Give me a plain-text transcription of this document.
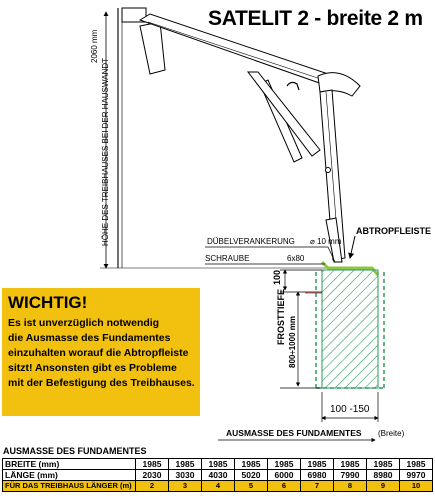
SATELIT 2 - breite 2 m
HÖHE DES TREIBHAUSES BEI DER HAUSWANDT
2060 mm
DÜBELVERANKERUNG ⌀ 10 mm
SCHRAUBE	6x80
ABTROPFLEISTE
100
FROSTTIEFE 800÷1000 mm
100 -150
AUSMASSE DES FUNDAMENTES (Breite)
WICHTIG!
Es ist unverzüglich notwendig
die Ausmasse des Fundamentes
einzuhalten worauf die Abtropfleiste
sitzt! Ansonsten gibt es Probleme
mit der Befestigung des Treibhauses.
AUSMASSE DES FUNDAMENTES
BREITE (mm)	1985	1985	1985	1985	1985	1985	1985	1985	1985
LÄNGE (mm)	2030	3030	4030	5020	6000	6980	7990	8980	9970
FÜR DAS TREIBHAUS LÄNGER (m)	2	3	4	5	6	7	8	9	10
